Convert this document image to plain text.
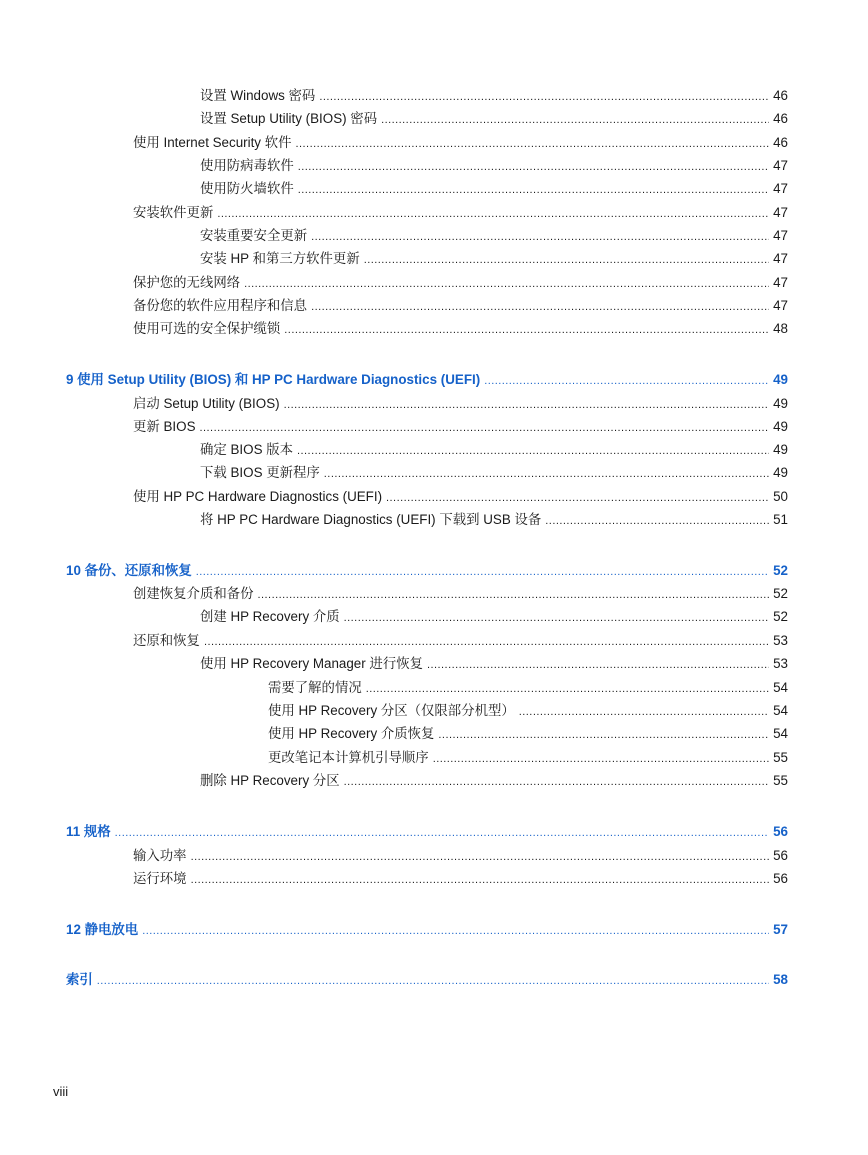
设置 Windows 密码 . . .	46
设置 Setup Utility (BIOS) 密码 . . .	46
使用 Internet Security 软件 . . .	46
使用防病毒软件 . . .	47
使用防火墙软件 . . .	47
安装软件更新 . . .	47
安装重要安全更新 . . .	47
安装 HP 和第三方软件更新 . . .	47
保护您的无线网络 . . .	47
备份您的软件应用程序和信息 . . .	47
使用可选的安全保护缆锁 . . .	48
9 使用 Setup Utility (BIOS) 和 HP PC Hardware Diagnostics (UEFI) . . .	49
启动 Setup Utility (BIOS) . . .	49
更新 BIOS . . .	49
确定 BIOS 版本 . . .	49
下载 BIOS 更新程序 . . .	49
使用 HP PC Hardware Diagnostics (UEFI) . . .	50
将 HP PC Hardware Diagnostics (UEFI) 下载到 USB 设备 . . .	51
10 备份、还原和恢复 . . .	52
创建恢复介质和备份 . . .	52
创建 HP Recovery 介质 . . .	52
还原和恢复 . . .	53
使用 HP Recovery Manager 进行恢复 . . .	53
需要了解的情况 . . .	54
使用 HP Recovery 分区（仅限部分机型） . . .	54
使用 HP Recovery 介质恢复 . . .	54
更改笔记本计算机引导顺序 . . .	55
删除 HP Recovery 分区 . . .	55
11 规格 . . .	56
输入功率 . . .	56
运行环境 . . .	56
12 静电放电 . . .	57
索引 . . .	58
viii
